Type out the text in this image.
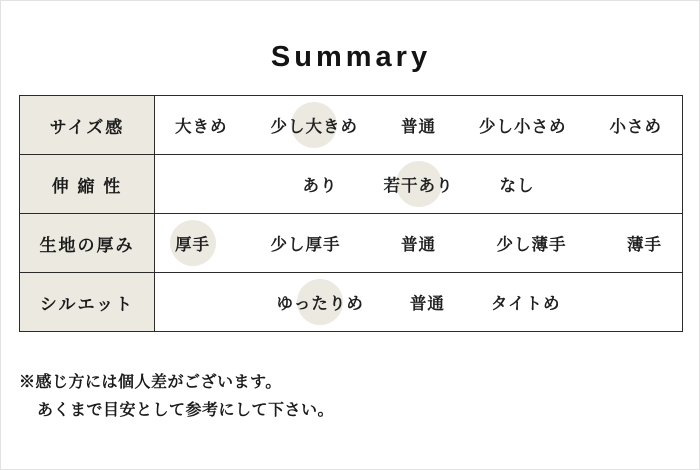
Summary
サイズ感	大きめ 少し大きめ 普通 少し小さめ 小さめ

伸 縮 性	あり 若干あり なし

生地の厚み	厚手 少し厚手 普通 少し薄手 薄手

シルエット	ゆったりめ 普通 タイトめ
※感じ方には個人差がございます。
あくまで目安として参考にして下さい。
